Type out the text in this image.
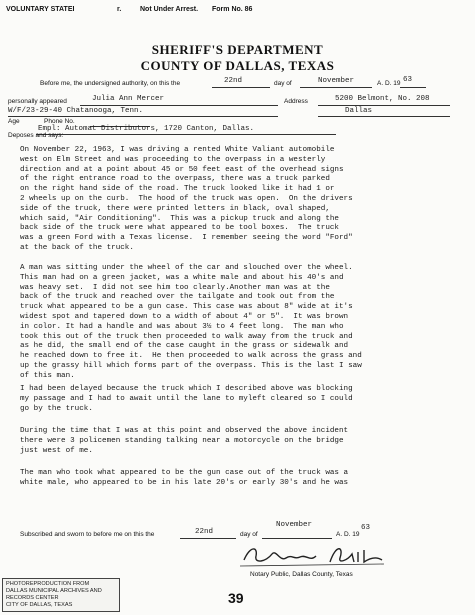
VOLUNTARY STATEI	r.	Not Under Arrest. Form No. 86
SHERIFF'S DEPARTMENT
COUNTY OF DALLAS, TEXAS
Before me, the undersigned authority, on this the	22nd	day of	November	A. D. 19 63
personally appeared	Julia Ann Mercer	Address	5200 Belmont, No. 208
W/F/23-29-40 Chatanooga, Tenn.	Dallas
Age	Phone No.
Empl: Automat Distributors, 1720 Canton, Dallas.
Deposes and says:
On November 22, 1963, I was driving a rented White Valiant automobile
west on Elm Street and was proceeding to the overpass in a westerly
direction and at a point about 45 or 50 feet east of the overhead signs
of the right entrance road to the overpass, there was a truck parked
on the right hand side of the road. The truck looked like it had 1 or
2 wheels up on the curb.  The hood of the truck was open.  On the drivers
side of the truck, there were printed letters in black, oval shaped,
which said, "Air Conditioning".  This was a pickup truck and along the
back side of the truck were what appeared to be tool boxes.  The truck
was a green Ford with a Texas license.  I remember seeing the word "Ford"
at the back of the truck.
A man was sitting under the wheel of the car and slouched over the wheel.
This man had on a green jacket, was a white male and about his 40's and
was heavy set.  I did not see him too clearly.Another man was at the
back of the truck and reached over the tailgate and took out from the
truck what appeared to be a gun case. This case was about 8" wide at it's
widest spot and tapered down to a width of about 4" or 5".  It was brown
in color. It had a handle and was about 3½ to 4 feet long.  The man who
took this out of the truck then proceeded to walk away from the truck and
as he did, the small end of the case caught in the grass or sidewalk and
he reached down to free it.  He then proceeded to walk across the grass and
up the grassy hill which forms part of the overpass. This is the last I saw
of this man.
I had been delayed because the truck which I described above was blocking
my passage and I had to await until the lane to myleft cleared so I could
go by the truck.
During the time that I was at this point and observed the above incident
there were 3 policemen standing talking near a motorcycle on the bridge
just west of me.
The man who took what appeared to be the gun case out of the truck was a
white male, who appeared to be in his late 20's or early 30's and he was
Subscribed and sworn to before me on this the	22nd	day of
November
A. D. 19
63
Notary Public, Dallas County, Texas
PHOTOREPRODUCTION FROM
DALLAS MUNICIPAL ARCHIVES AND RECORDS CENTER
CITY OF DALLAS, TEXAS	39
